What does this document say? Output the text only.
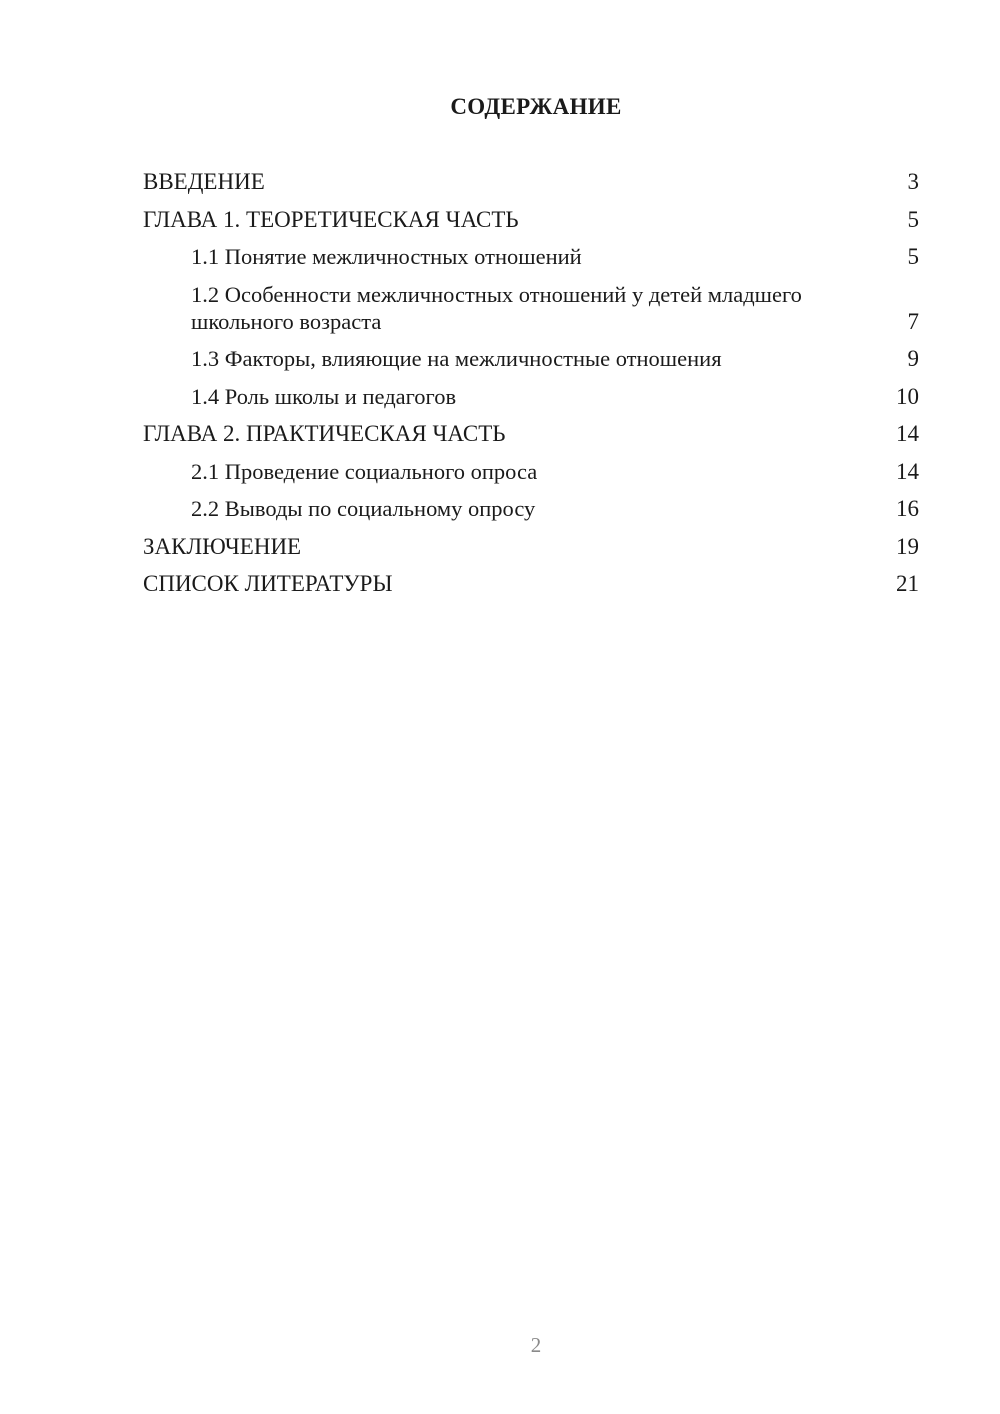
СОДЕРЖАНИЕ
ВВЕДЕНИЕ	3
ГЛАВА 1. ТЕОРЕТИЧЕСКАЯ ЧАСТЬ	5
1.1 Понятие межличностных отношений	5
1.2 Особенности межличностных отношений у детей младшего школьного возраста	7
1.3 Факторы, влияющие на межличностные отношения	9
1.4 Роль школы и педагогов	10
ГЛАВА 2. ПРАКТИЧЕСКАЯ ЧАСТЬ	14
2.1 Проведение социального опроса	14
2.2 Выводы по социальному опросу	16
ЗАКЛЮЧЕНИЕ	19
СПИСОК ЛИТЕРАТУРЫ	21
2
